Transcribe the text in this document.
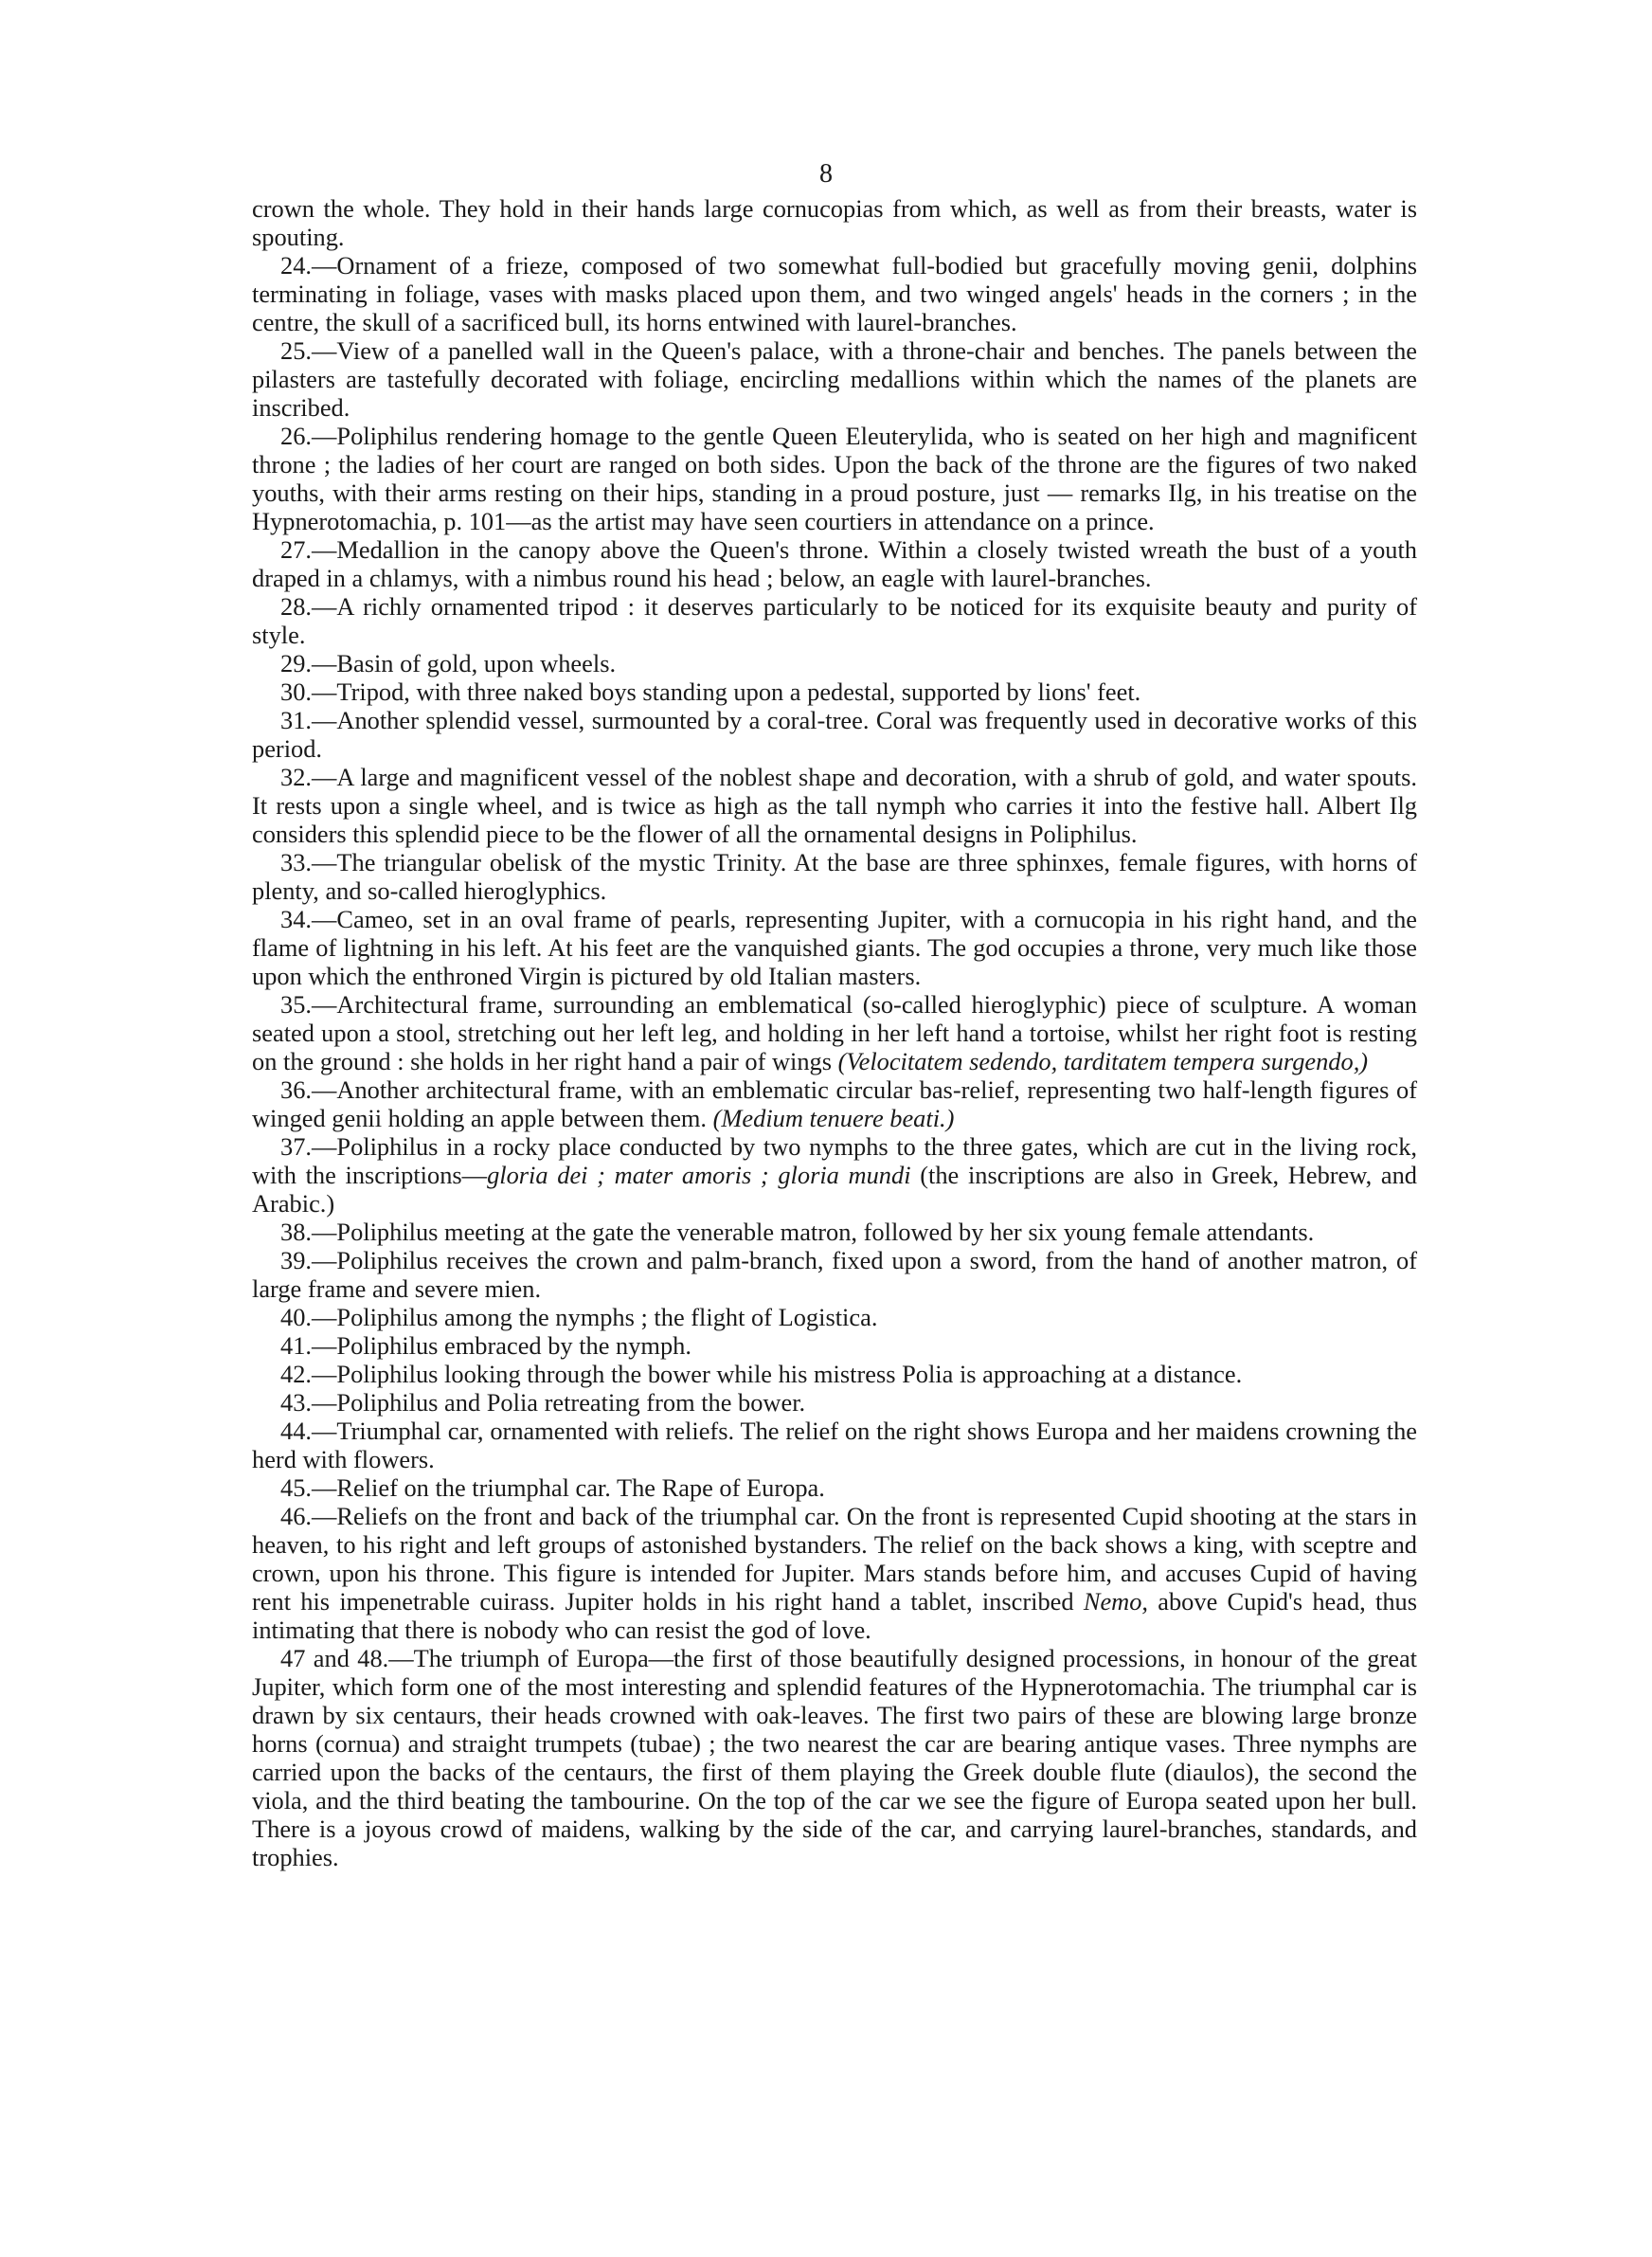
8

crown the whole. They hold in their hands large cornucopias from which, as well as from their breasts, water is spouting.

24.—Ornament of a frieze, composed of two somewhat full-bodied but gracefully moving genii, dolphins terminating in foliage, vases with masks placed upon them, and two winged angels' heads in the corners ; in the centre, the skull of a sacrificed bull, its horns entwined with laurel-branches.

25.—View of a panelled wall in the Queen's palace, with a throne-chair and benches. The panels between the pilasters are tastefully decorated with foliage, encircling medallions within which the names of the planets are inscribed.

26.—Poliphilus rendering homage to the gentle Queen Eleuterylida, who is seated on her high and magnificent throne ; the ladies of her court are ranged on both sides. Upon the back of the throne are the figures of two naked youths, with their arms resting on their hips, standing in a proud posture, just — remarks Ilg, in his treatise on the Hypnerotomachia, p. 101—as the artist may have seen courtiers in attendance on a prince.

27.—Medallion in the canopy above the Queen's throne. Within a closely twisted wreath the bust of a youth draped in a chlamys, with a nimbus round his head ; below, an eagle with laurel-branches.

28.—A richly ornamented tripod : it deserves particularly to be noticed for its exquisite beauty and purity of style.

29.—Basin of gold, upon wheels.

30.—Tripod, with three naked boys standing upon a pedestal, supported by lions' feet.

31.—Another splendid vessel, surmounted by a coral-tree. Coral was frequently used in decorative works of this period.

32.—A large and magnificent vessel of the noblest shape and decoration, with a shrub of gold, and water spouts. It rests upon a single wheel, and is twice as high as the tall nymph who carries it into the festive hall. Albert Ilg considers this splendid piece to be the flower of all the ornamental designs in Poliphilus.

33.—The triangular obelisk of the mystic Trinity. At the base are three sphinxes, female figures, with horns of plenty, and so-called hieroglyphics.

34.—Cameo, set in an oval frame of pearls, representing Jupiter, with a cornucopia in his right hand, and the flame of lightning in his left. At his feet are the vanquished giants. The god occupies a throne, very much like those upon which the enthroned Virgin is pictured by old Italian masters.

35.—Architectural frame, surrounding an emblematical (so-called hieroglyphic) piece of sculpture. A woman seated upon a stool, stretching out her left leg, and holding in her left hand a tortoise, whilst her right foot is resting on the ground : she holds in her right hand a pair of wings (Velocitatem sedendo, tarditatem tempera surgendo,)

36.—Another architectural frame, with an emblematic circular bas-relief, representing two half-length figures of winged genii holding an apple between them. (Medium tenuere beati.)

37.—Poliphilus in a rocky place conducted by two nymphs to the three gates, which are cut in the living rock, with the inscriptions—gloria dei ; mater amoris ; gloria mundi (the inscriptions are also in Greek, Hebrew, and Arabic.)

38.—Poliphilus meeting at the gate the venerable matron, followed by her six young female attendants.

39.—Poliphilus receives the crown and palm-branch, fixed upon a sword, from the hand of another matron, of large frame and severe mien.

40.—Poliphilus among the nymphs ; the flight of Logistica.

41.—Poliphilus embraced by the nymph.

42.—Poliphilus looking through the bower while his mistress Polia is approaching at a distance.

43.—Poliphilus and Polia retreating from the bower.

44.—Triumphal car, ornamented with reliefs. The relief on the right shows Europa and her maidens crowning the herd with flowers.

45.—Relief on the triumphal car. The Rape of Europa.

46.—Reliefs on the front and back of the triumphal car. On the front is represented Cupid shooting at the stars in heaven, to his right and left groups of astonished bystanders. The relief on the back shows a king, with sceptre and crown, upon his throne. This figure is intended for Jupiter. Mars stands before him, and accuses Cupid of having rent his impenetrable cuirass. Jupiter holds in his right hand a tablet, inscribed Nemo, above Cupid's head, thus intimating that there is nobody who can resist the god of love.

47 and 48.—The triumph of Europa—the first of those beautifully designed processions, in honour of the great Jupiter, which form one of the most interesting and splendid features of the Hypnerotomachia. The triumphal car is drawn by six centaurs, their heads crowned with oak-leaves. The first two pairs of these are blowing large bronze horns (cornua) and straight trumpets (tubae) ; the two nearest the car are bearing antique vases. Three nymphs are carried upon the backs of the centaurs, the first of them playing the Greek double flute (diaulos), the second the viola, and the third beating the tambourine. On the top of the car we see the figure of Europa seated upon her bull. There is a joyous crowd of maidens, walking by the side of the car, and carrying laurel-branches, standards, and trophies.
